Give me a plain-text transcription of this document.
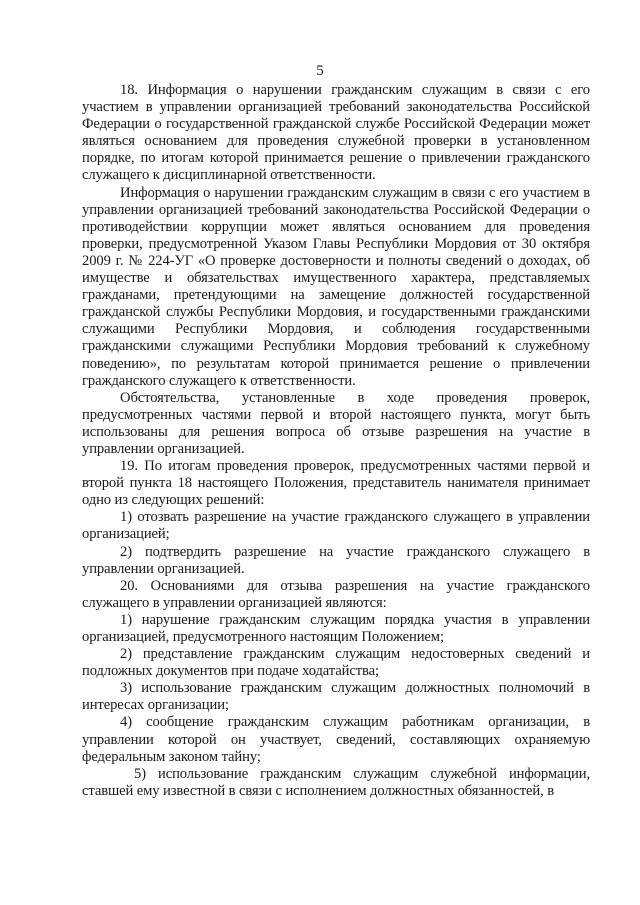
5

18. Информация о нарушении гражданским служащим в связи с его участием в управлении организацией требований законодательства Российской Федерации о государственной гражданской службе Российской Федерации может являться основанием для проведения служебной проверки в установленном порядке, по итогам которой принимается решение о привлечении гражданского служащего к дисциплинарной ответственности.

Информация о нарушении гражданским служащим в связи с его участием в управлении организацией требований законодательства Российской Федерации о противодействии коррупции может являться основанием для проведения проверки, предусмотренной Указом Главы Республики Мордовия от 30 октября 2009 г. № 224-УГ «О проверке достоверности и полноты сведений о доходах, об имуществе и обязательствах имущественного характера, представляемых гражданами, претендующими на замещение должностей государственной гражданской службы Республики Мордовия, и государственными гражданскими служащими Республики Мордовия, и соблюдения государственными гражданскими служащими Республики Мордовия требований к служебному поведению», по результатам которой принимается решение о привлечении гражданского служащего к ответственности.

Обстоятельства, установленные в ходе проведения проверок, предусмотренных частями первой и второй настоящего пункта, могут быть использованы для решения вопроса об отзыве разрешения на участие в управлении организацией.

19. По итогам проведения проверок, предусмотренных частями первой и второй пункта 18 настоящего Положения, представитель нанимателя принимает одно из следующих решений:

1) отозвать разрешение на участие гражданского служащего в управлении организацией;

2) подтвердить разрешение на участие гражданского служащего в управлении организацией.

20. Основаниями для отзыва разрешения на участие гражданского служащего в управлении организацией являются:

1) нарушение гражданским служащим порядка участия в управлении организацией, предусмотренного настоящим Положением;

2) представление гражданским служащим недостоверных сведений и подложных документов при подаче ходатайства;

3) использование гражданским служащим должностных полномочий в интересах организации;

4) сообщение гражданским служащим работникам организации, в управлении которой он участвует, сведений, составляющих охраняемую федеральным законом тайну;

5) использование гражданским служащим служебной информации, ставшей ему известной в связи с исполнением должностных обязанностей, в
